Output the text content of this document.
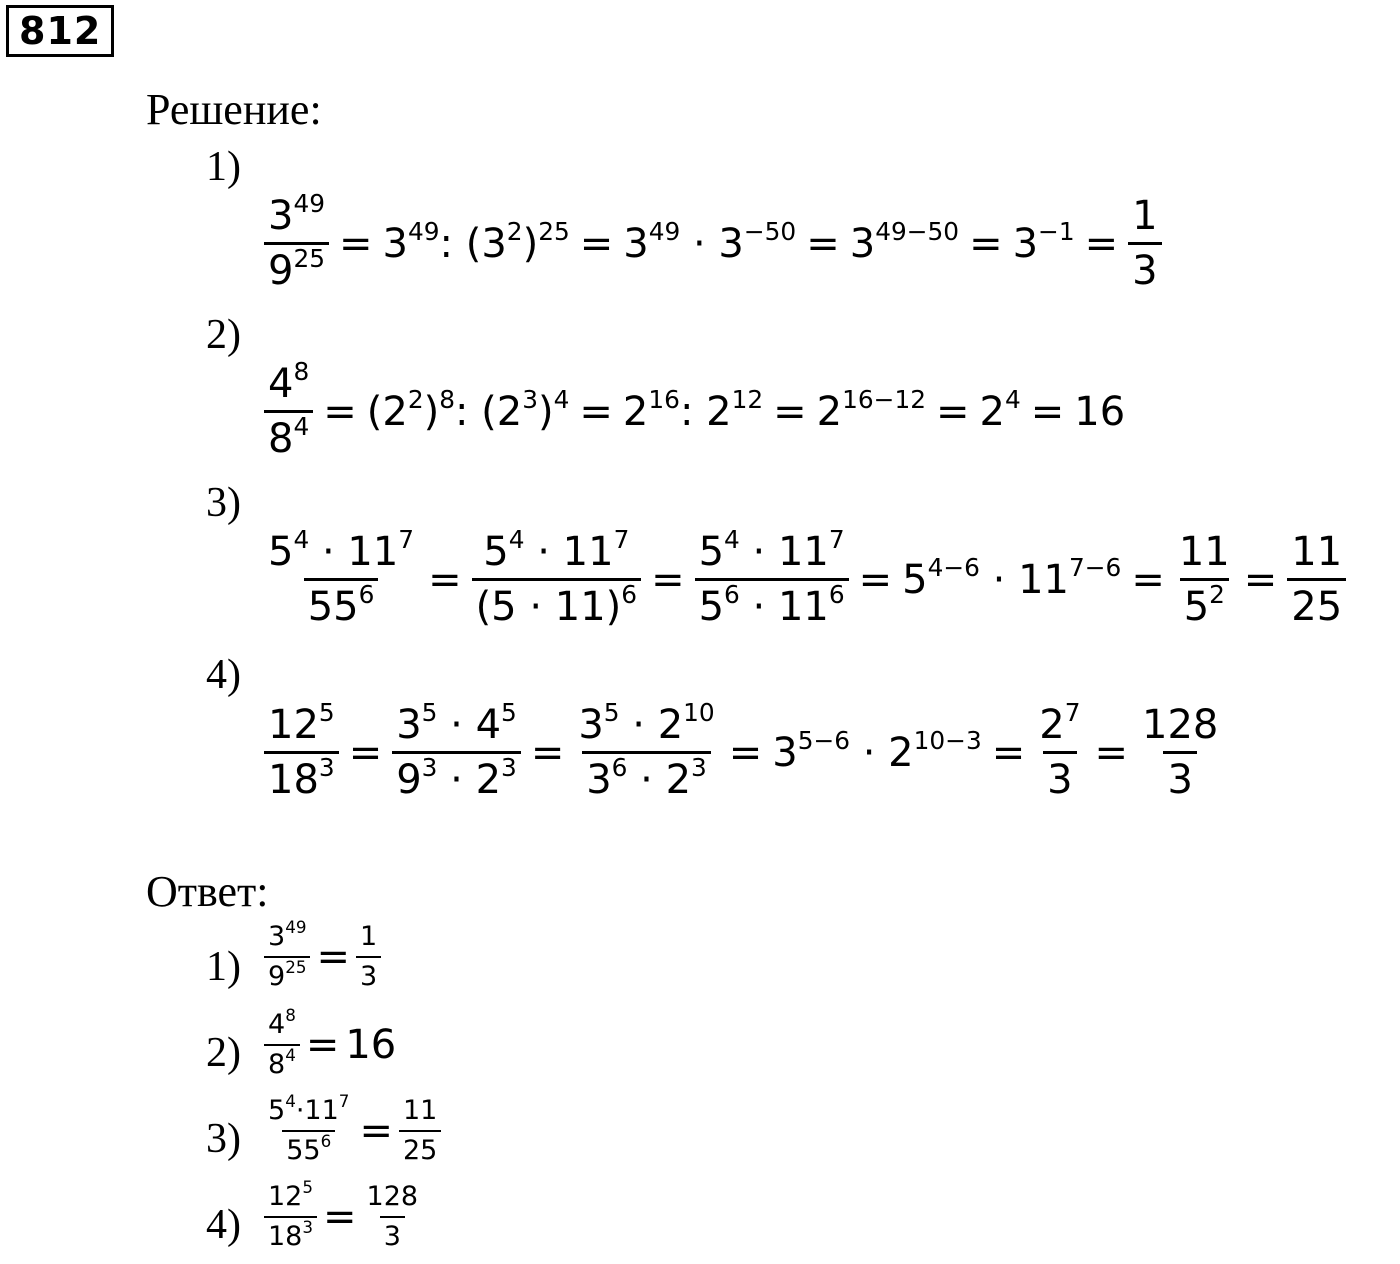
812
Решение:
1)
$\frac{3^{49}}{9^{25}} = 3^{49}$: $(3^2)^{25} = 3^{49} \cdot 3^{-50} = 3^{49-50} = 3^{-1} = \frac{1}{3}$
2)
$\frac{4^8}{8^4} = (2^2)^8$: $(2^3)^4 = 2^{16}$: $2^{12} = 2^{16-12} = 2^4 = 16$
3)
$\frac{5^4 \cdot 11^7}{55^6} = \frac{5^4 \cdot 11^7}{(5 \cdot 11)^6} = \frac{5^4 \cdot 11^7}{5^6 \cdot 11^6} = 5^{4-6} \cdot 11^{7-6} = \frac{11}{5^2} = \frac{11}{25}$
4)
$\frac{12^5}{18^3} = \frac{3^5 \cdot 4^5}{9^3 \cdot 2^3} = \frac{3^5 \cdot 2^{10}}{3^6 \cdot 2^3} = 3^{5-6} \cdot 2^{10-3} = \frac{2^7}{3} = \frac{128}{3}$
Ответ:
$1) \frac{3^{49}}{9^{25}} = \frac{1}{3}$
$2) \frac{4^8}{8^4} = 16$
$3) \frac{5^4\cdot 11^7}{55^6} = \frac{11}{25}$
$4) \frac{12^5}{18^3} = \frac{128}{3}$
